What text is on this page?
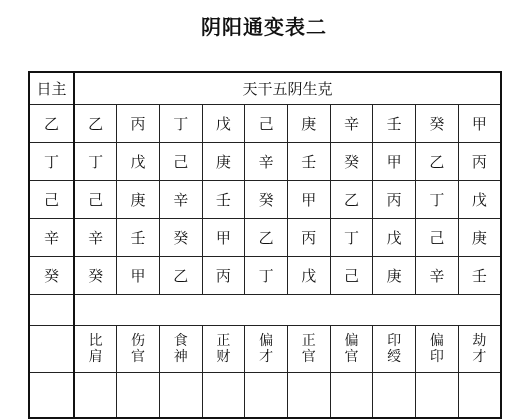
阴阳通变表二
日主	天干五阴生克									
乙	乙	丙	丁	戊	己	庚	辛	壬	癸	甲
丁	丁	戊	己	庚	辛	壬	癸	甲	乙	丙
己	己	庚	辛	壬	癸	甲	乙	丙	丁	戊
辛	辛	壬	癸	甲	乙	丙	丁	戊	己	庚
癸	癸	甲	乙	丙	丁	戊	己	庚	辛	壬

	比肩	伤官	食神	正财	偏才	正官	偏官	印绶	偏印	劫才
